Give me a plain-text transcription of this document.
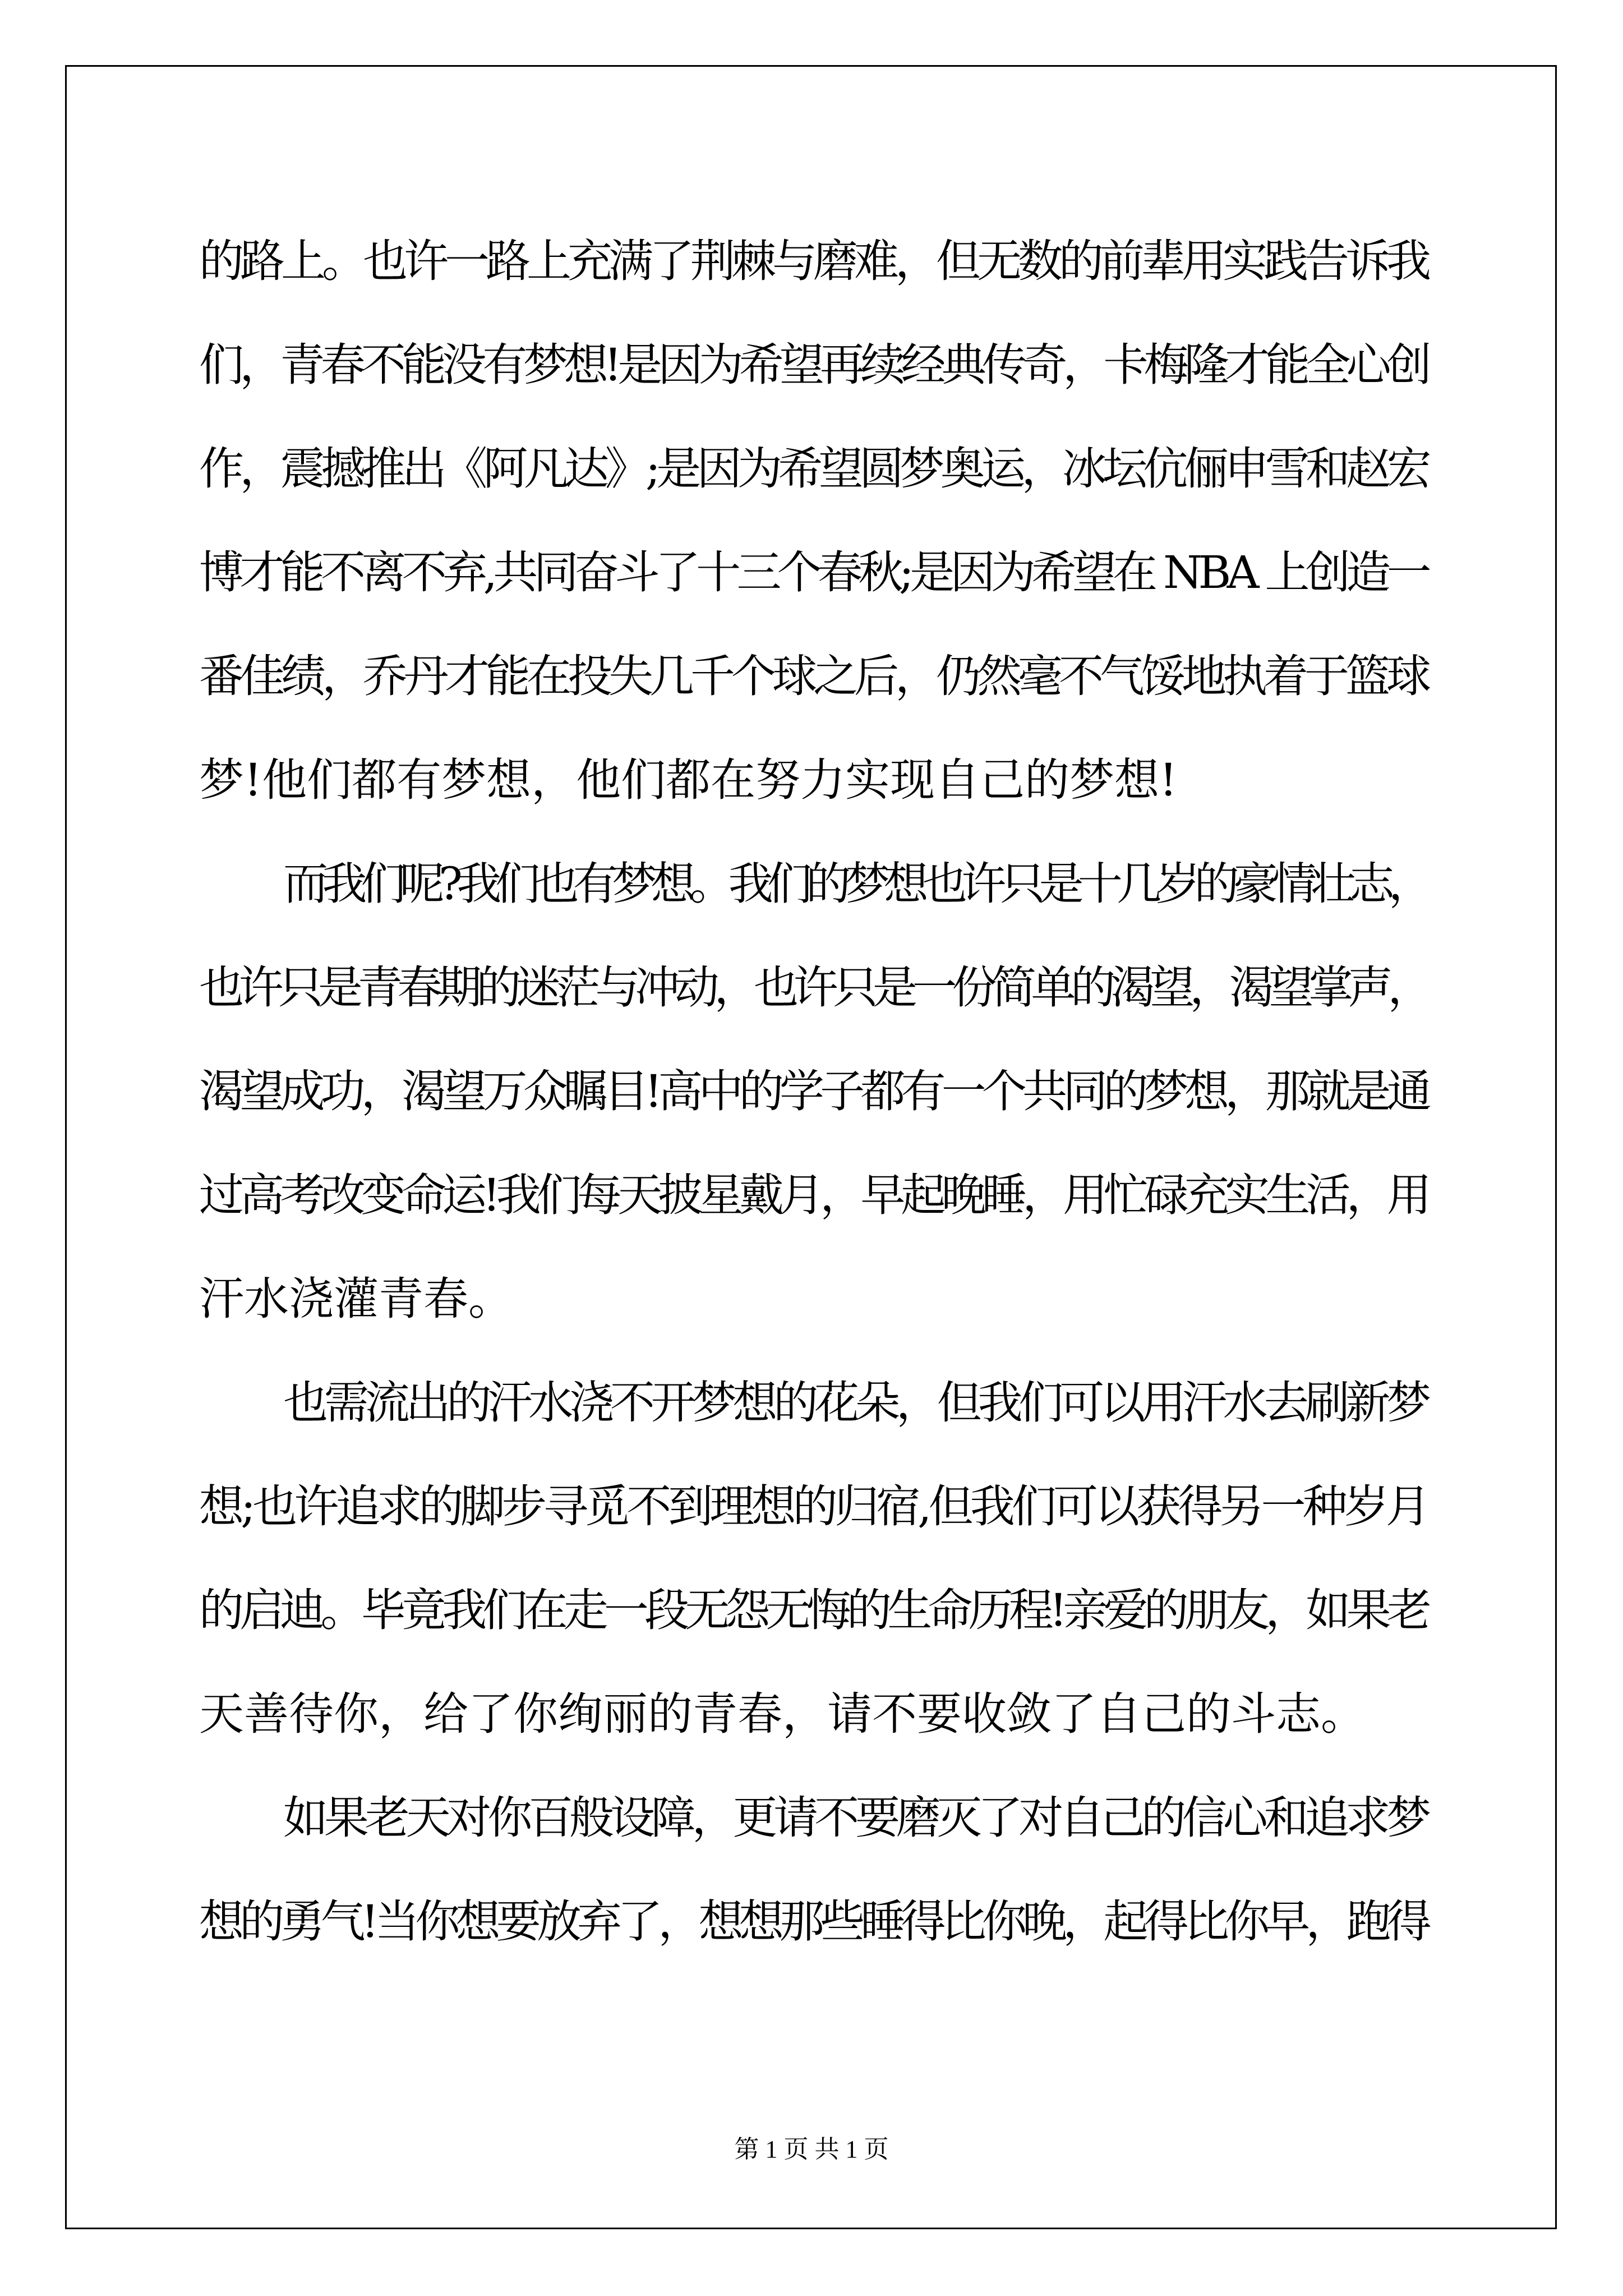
的路上。也许一路上充满了荆棘与磨难，但无数的前辈用实践告诉我
们，青春不能没有梦想!是因为希望再续经典传奇，卡梅隆才能全心创
作，震撼推出《阿凡达》;是因为希望圆梦奥运，冰坛伉俪申雪和赵宏
博才能不离不弃,共同奋斗了十三个春秋;是因为希望在 NBA 上创造一
番佳绩，乔丹才能在投失几千个球之后，仍然毫不气馁地执着于篮球
梦!他们都有梦想，他们都在努力实现自己的梦想!
而我们呢?我们也有梦想。我们的梦想也许只是十几岁的豪情壮志，
也许只是青春期的迷茫与冲动，也许只是一份简单的渴望，渴望掌声，
渴望成功，渴望万众瞩目!高中的学子都有一个共同的梦想，那就是通
过高考改变命运!我们每天披星戴月，早起晚睡，用忙碌充实生活，用
汗水浇灌青春。
也需流出的汗水浇不开梦想的花朵，但我们可以用汗水去刷新梦
想;也许追求的脚步寻觅不到理想的归宿,但我们可以获得另一种岁月
的启迪。毕竟我们在走一段无怨无悔的生命历程!亲爱的朋友，如果老
天善待你，给了你绚丽的青春，请不要收敛了自己的斗志。
如果老天对你百般设障，更请不要磨灭了对自己的信心和追求梦
想的勇气!当你想要放弃了，想想那些睡得比你晚，起得比你早，跑得
第 1 页 共 1 页
